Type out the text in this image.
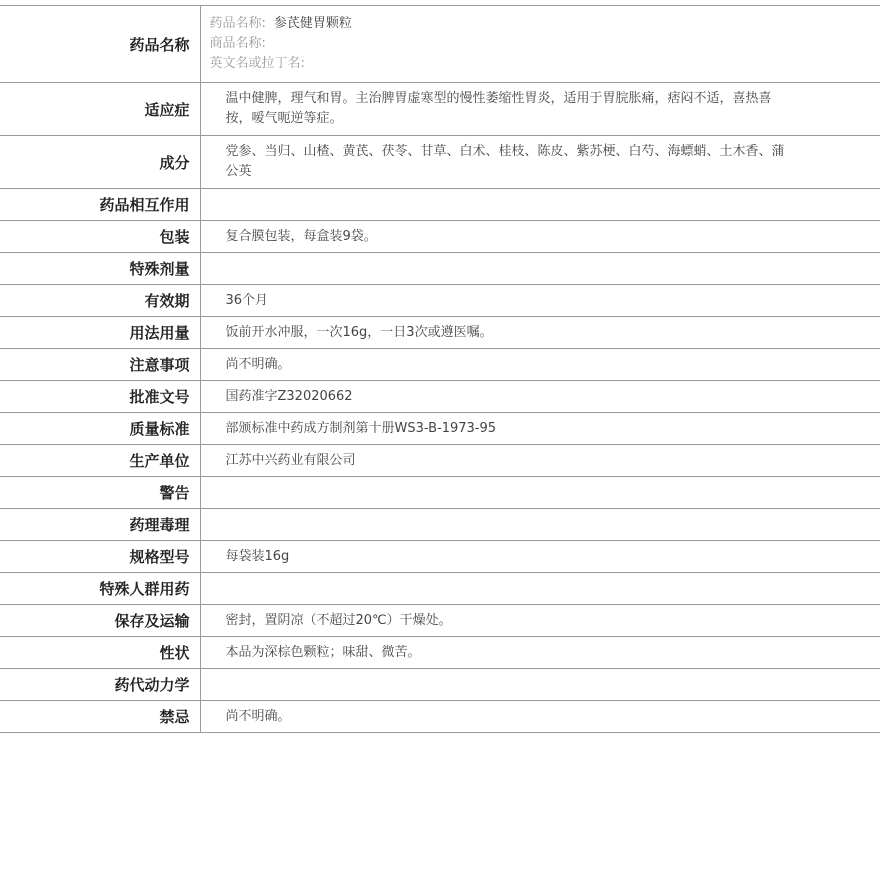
药品名称	药品名称: 参芪健胃颗粒
商品名称:
英文名或拉丁名:

适应症	温中健脾，理气和胃。主治脾胃虚寒型的慢性萎缩性胃炎，适用于胃脘胀痛，痞闷不适，喜热喜按，嗳气呃逆等症。
成分	党参、当归、山楂、黄芪、茯苓、甘草、白术、桂枝、陈皮、紫苏梗、白芍、海螵蛸、土木香、蒲公英
药品相互作用	
包装	复合膜包装，每盒装9袋。
特殊剂量	
有效期	36个月
用法用量	饭前开水冲服，一次16g，一日3次或遵医嘱。
注意事项	尚不明确。
批准文号	国药准字Z32020662
质量标准	部颁标准中药成方制剂第十册WS3-B-1973-95
生产单位	江苏中兴药业有限公司
警告	
药理毒理	
规格型号	每袋装16g
特殊人群用药	
保存及运输	密封，置阴凉（不超过20℃）干燥处。
性状	本品为深棕色颗粒；味甜、微苦。
药代动力学	
禁忌	尚不明确。
